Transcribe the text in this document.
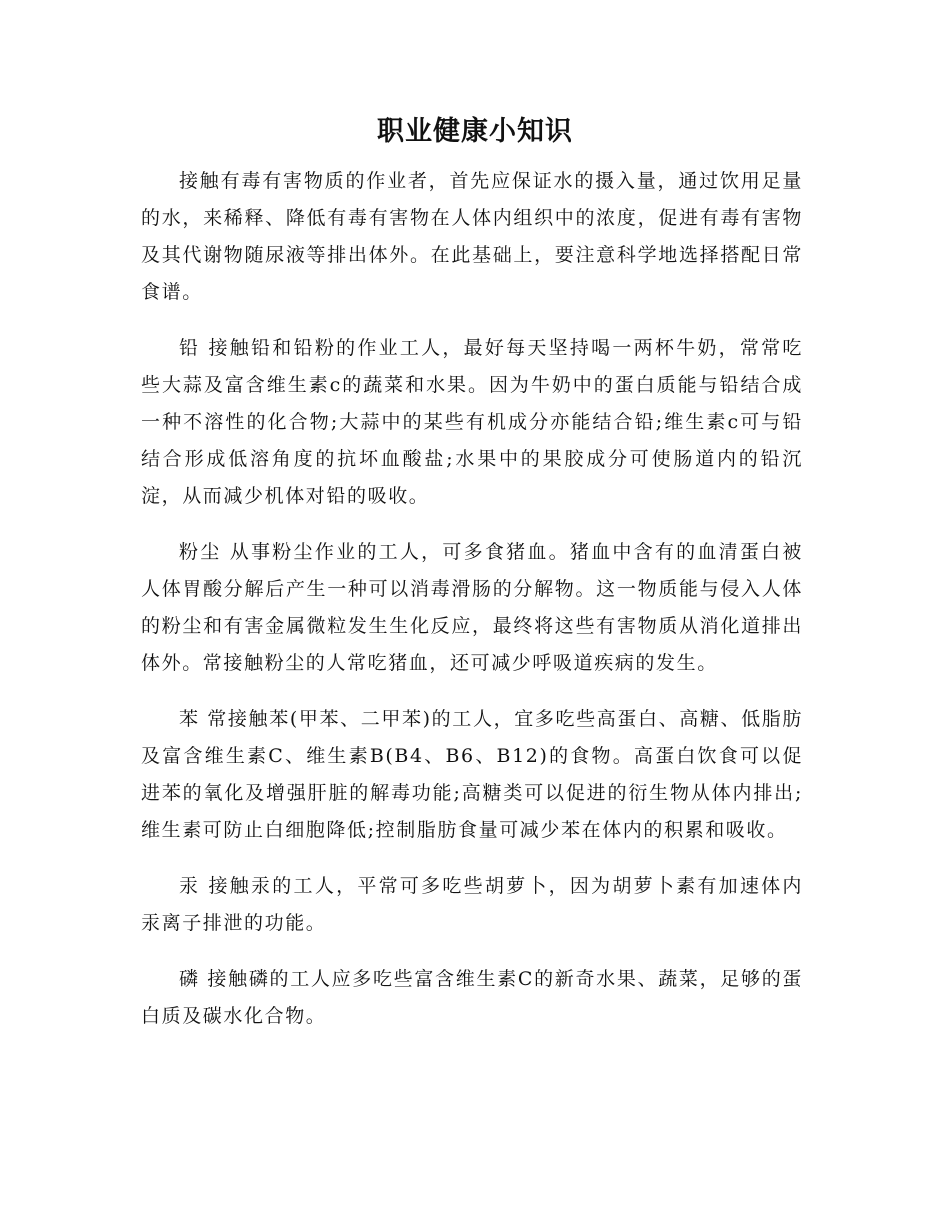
职业健康小知识

接触有毒有害物质的作业者，首先应保证水的摄入量，通过饮用足量的水，来稀释、降低有毒有害物在人体内组织中的浓度，促进有毒有害物及其代谢物随尿液等排出体外。在此基础上，要注意科学地选择搭配日常食谱。

铅 接触铅和铅粉的作业工人，最好每天坚持喝一两杯牛奶，常常吃些大蒜及富含维生素c的蔬菜和水果。因为牛奶中的蛋白质能与铅结合成一种不溶性的化合物;大蒜中的某些有机成分亦能结合铅;维生素c可与铅结合形成低溶角度的抗坏血酸盐;水果中的果胶成分可使肠道内的铅沉淀，从而减少机体对铅的吸收。

粉尘 从事粉尘作业的工人，可多食猪血。猪血中含有的血清蛋白被人体胃酸分解后产生一种可以消毒滑肠的分解物。这一物质能与侵入人体的粉尘和有害金属微粒发生生化反应，最终将这些有害物质从消化道排出体外。常接触粉尘的人常吃猪血，还可减少呼吸道疾病的发生。

苯 常接触苯(甲苯、二甲苯)的工人，宜多吃些高蛋白、高糖、低脂肪及富含维生素C、维生素B(B4、B6、B12)的食物。高蛋白饮食可以促进苯的氧化及增强肝脏的解毒功能;高糖类可以促进的衍生物从体内排出;维生素可防止白细胞降低;控制脂肪食量可减少苯在体内的积累和吸收。

汞 接触汞的工人，平常可多吃些胡萝卜，因为胡萝卜素有加速体内汞离子排泄的功能。

磷 接触磷的工人应多吃些富含维生素C的新奇水果、蔬菜，足够的蛋白质及碳水化合物。
